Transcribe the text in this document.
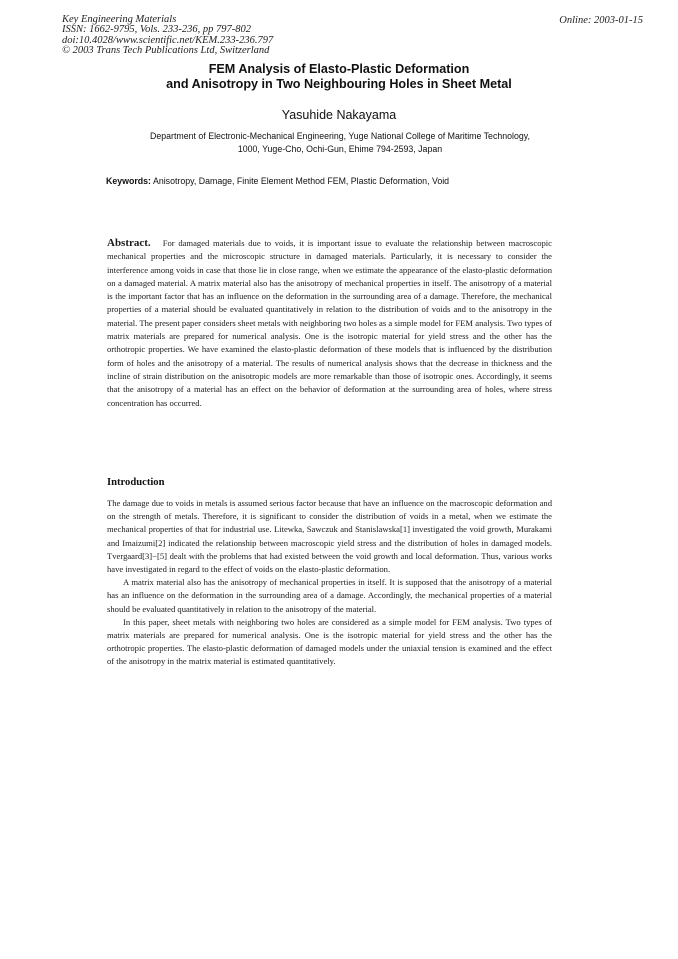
Key Engineering Materials
ISSN: 1662-9795, Vols. 233-236, pp 797-802
doi:10.4028/www.scientific.net/KEM.233-236.797
© 2003 Trans Tech Publications Ltd, Switzerland
Online: 2003-01-15
FEM Analysis of Elasto-Plastic Deformation
and Anisotropy in Two Neighbouring Holes in Sheet Metal
Yasuhide Nakayama
Department of Electronic-Mechanical Engineering, Yuge National College of Maritime Technology,
1000, Yuge-Cho, Ochi-Gun, Ehime 794-2593, Japan
Keywords: Anisotropy, Damage, Finite Element Method FEM, Plastic Deformation, Void
Abstract. For damaged materials due to voids, it is important issue to evaluate the relationship between macroscopic mechanical properties and the microscopic structure in damaged materials. Particularly, it is necessary to consider the interference among voids in case that those lie in close range, when we estimate the appearance of the elasto-plastic deformation on a damaged material. A matrix material also has the anisotropy of mechanical properties in itself. The anisotropy of a material is the important factor that has an influence on the deformation in the surrounding area of a damage. Therefore, the mechanical properties of a material should be evaluated quantitatively in relation to the distribution of voids and to the anisotropy in the material. The present paper considers sheet metals with neighboring two holes as a simple model for FEM analysis. Two types of matrix materials are prepared for numerical analysis. One is the isotropic material for yield stress and the other has the orthotropic properties. We have examined the elasto-plastic deformation of these models that is influenced by the distribution form of holes and the anisotropy of a material. The results of numerical analysis shows that the decrease in thickness and the incline of strain distribution on the anisotropic models are more remarkable than those of isotropic ones. Accordingly, it seems that the anisotropy of a material has an effect on the behavior of deformation at the surrounding area of holes, where stress concentration has occurred.
Introduction

The damage due to voids in metals is assumed serious factor because that have an influence on the macroscopic deformation and on the strength of metals. Therefore, it is significant to consider the distribution of voids in a metal, when we estimate the mechanical properties of that for industrial use. Litewka, Sawczuk and Stanislawska[1] investigated the void growth, Murakami and Imaizumi[2] indicated the relationship between macroscopic yield stress and the distribution of holes in damaged models. Tvergaard[3]−[5] dealt with the problems that had existed between the void growth and local deformation. Thus, various works have investigated in regard to the effect of voids on the elasto-plastic deformation.

A matrix material also has the anisotropy of mechanical properties in itself. It is supposed that the anisotropy of a material has an influence on the deformation in the surrounding area of a damage. Accordingly, the mechanical properties of a material should be evaluated quantitatively in relation to the anisotropy of the material.

In this paper, sheet metals with neighboring two holes are considered as a simple model for FEM analysis. Two types of matrix materials are prepared for numerical analysis. One is the isotropic material for yield stress and the other has the orthotropic properties. The elasto-plastic deformation of damaged models under the uniaxial tension is examined and the effect of the anisotropy in the matrix material is estimated quantitatively.
